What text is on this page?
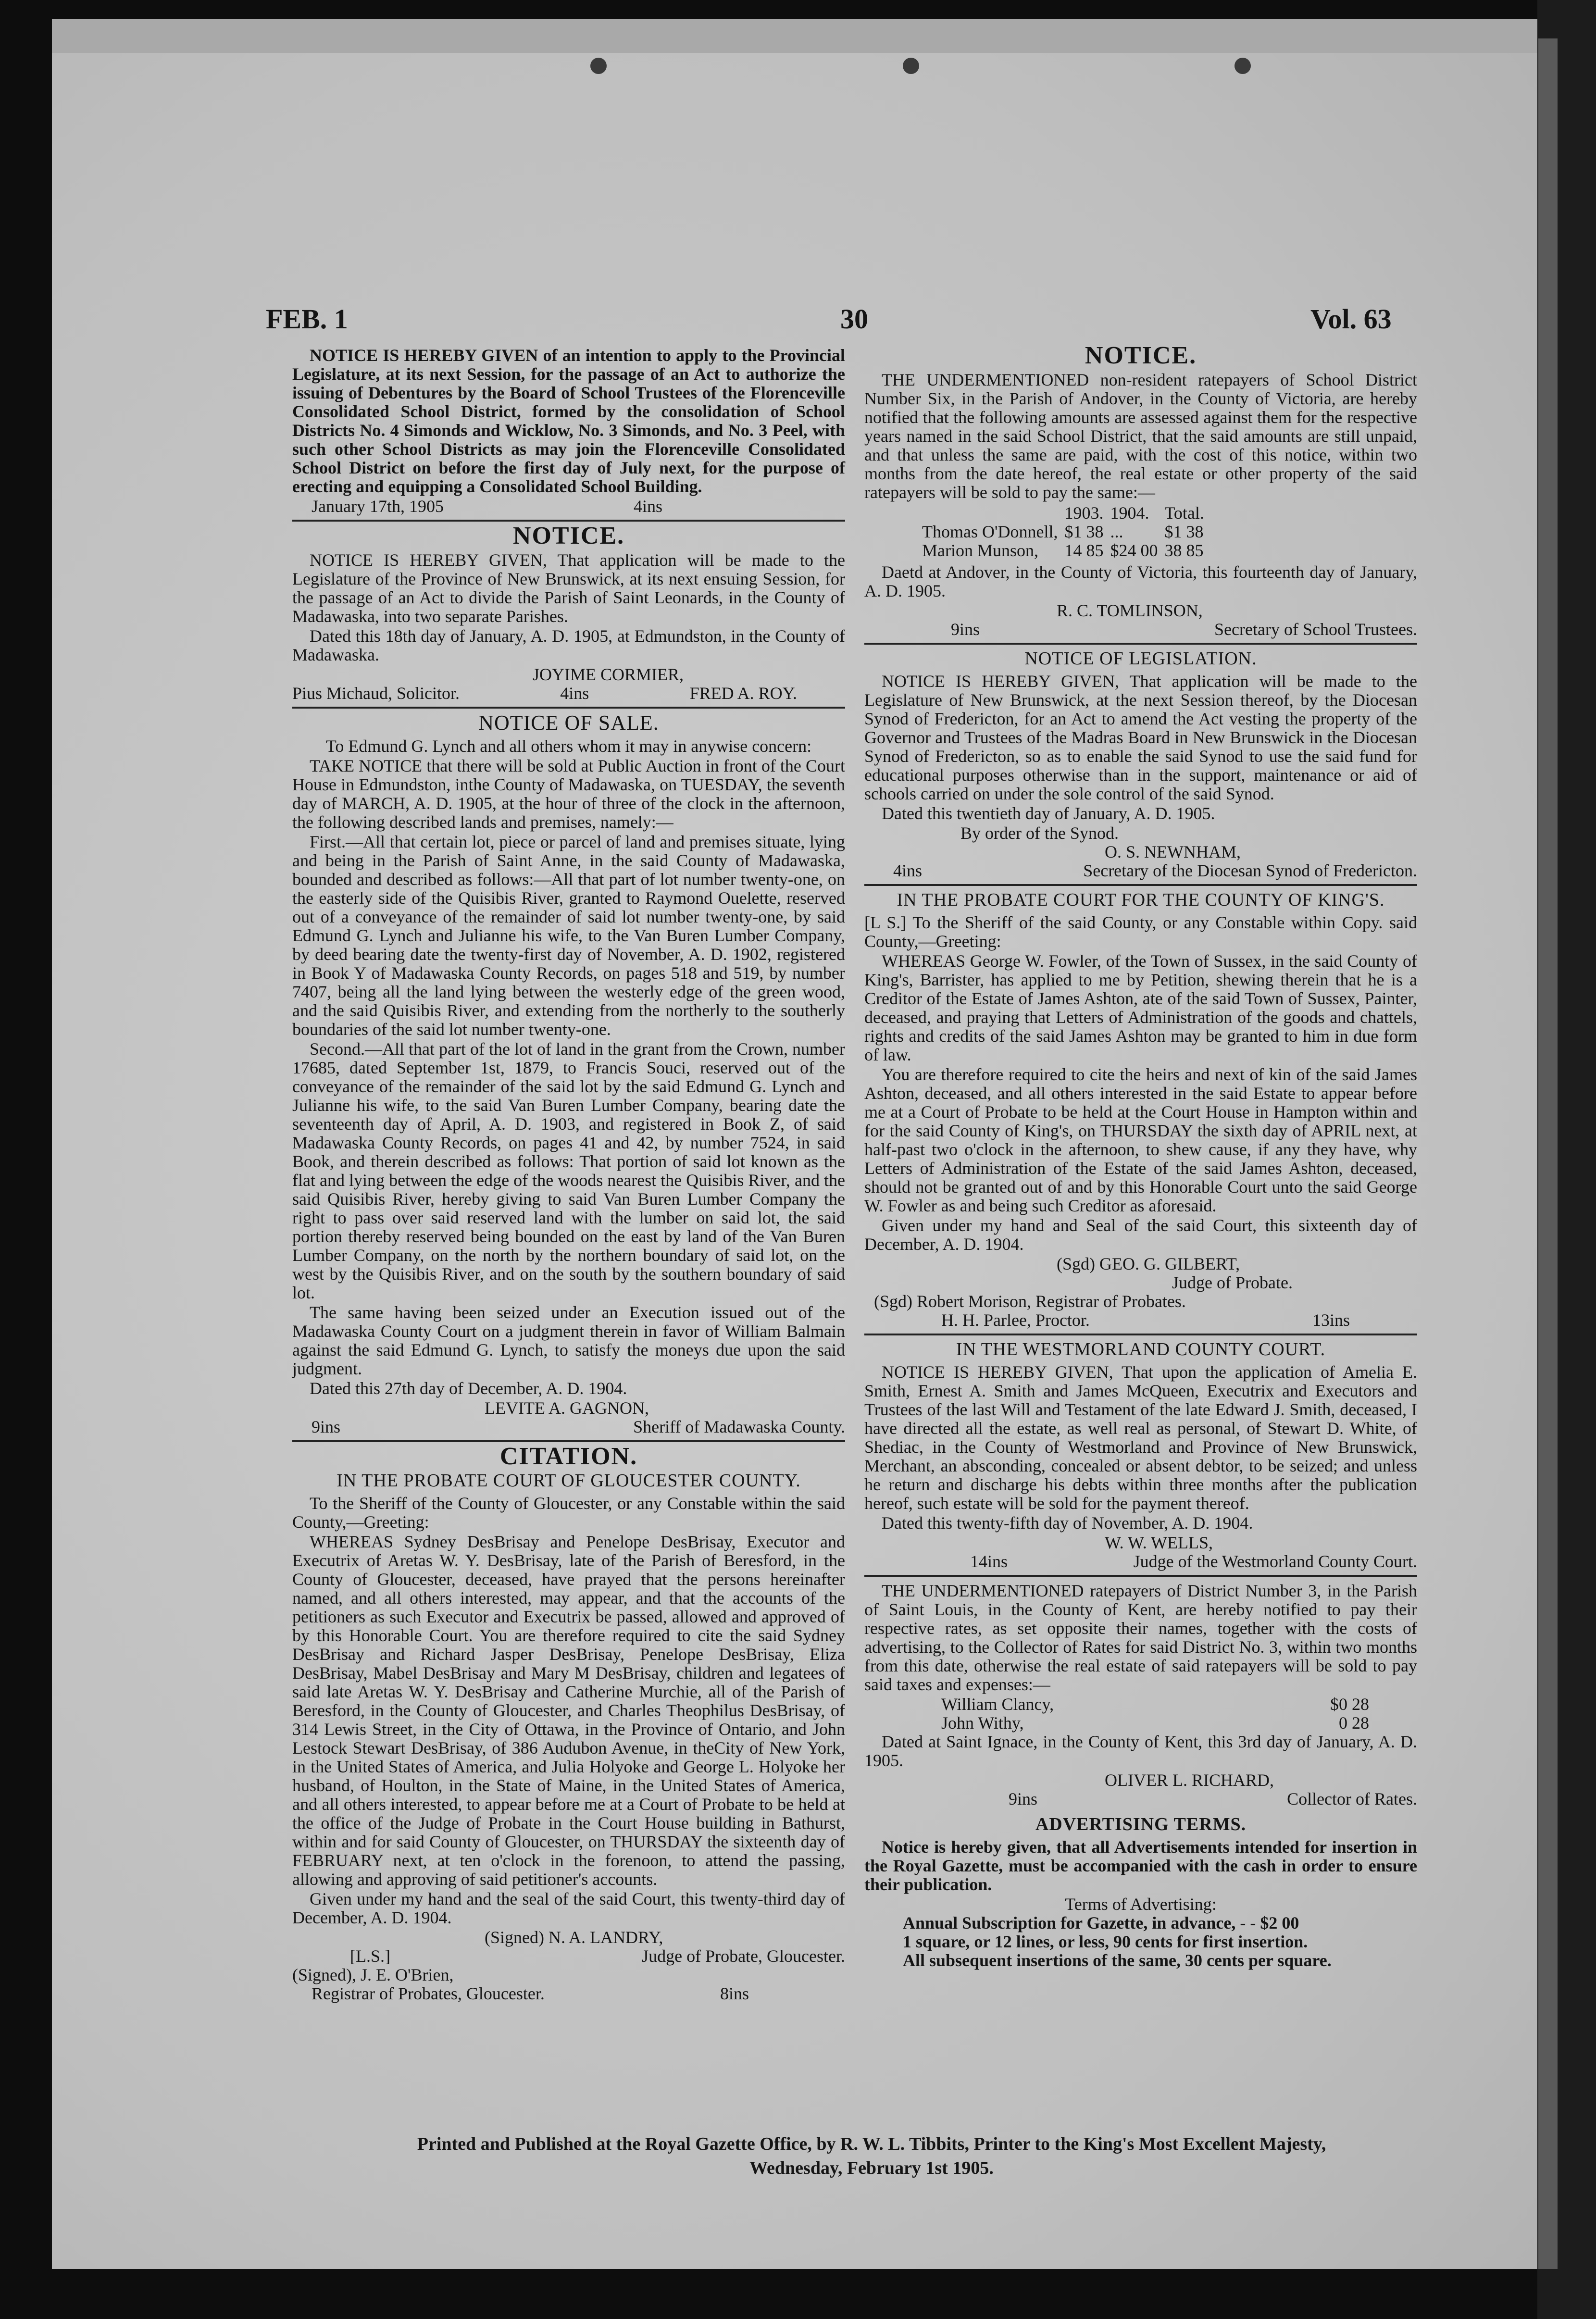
FEB. 1	30	Vol. 63

NOTICE IS HEREBY GIVEN of an intention to apply to the Provincial Legislature, at its next Session, for the passage of an Act to authorize the issuing of Debentures by the Board of School Trustees of the Florenceville Consolidated School District, formed by the consolidation of School Districts No. 4 Simonds and Wicklow, No. 3 Simonds, and No. 3 Peel, with such other School Districts as may join the Florenceville Consolidated School District on before the first day of July next, for the purpose of erecting and equipping a Consolidated School Building.

January 17th, 1905	4ins
NOTICE.

NOTICE IS HEREBY GIVEN, That application will be made to the Legislature of the Province of New Brunswick, at its next ensuing Session, for the passage of an Act to divide the Parish of Saint Leonards, in the County of Madawaska, into two separate Parishes.

Dated this 18th day of January, A. D. 1905, at Edmundston, in the County of Madawaska.

JOYIME CORMIER,
Pius Michaud, Solicitor.	4ins	FRED A. ROY.
NOTICE OF SALE.

To Edmund G. Lynch and all others whom it may in anywise concern:

TAKE NOTICE that there will be sold at Public Auction in front of the Court House in Edmundston, inthe County of Madawaska, on TUESDAY, the seventh day of MARCH, A. D. 1905, at the hour of three of the clock in the afternoon, the following described lands and premises, namely:—

First.—All that certain lot, piece or parcel of land and premises situate, lying and being in the Parish of Saint Anne, in the said County of Madawaska, bounded and described as follows:—All that part of lot number twenty-one, on the easterly side of the Quisibis River, granted to Raymond Ouelette, reserved out of a conveyance of the remainder of said lot number twenty-one, by said Edmund G. Lynch and Julianne his wife, to the Van Buren Lumber Company, by deed bearing date the twenty-first day of November, A. D. 1902, registered in Book Y of Madawaska County Records, on pages 518 and 519, by number 7407, being all the land lying between the westerly edge of the green wood, and the said Quisibis River, and extending from the northerly to the southerly boundaries of the said lot number twenty-one.

Second.—All that part of the lot of land in the grant from the Crown, number 17685, dated September 1st, 1879, to Francis Souci, reserved out of the conveyance of the remainder of the said lot by the said Edmund G. Lynch and Julianne his wife, to the said Van Buren Lumber Company, bearing date the seventeenth day of April, A. D. 1903, and registered in Book Z, of said Madawaska County Records, on pages 41 and 42, by number 7524, in said Book, and therein described as follows: That portion of said lot known as the flat and lying between the edge of the woods nearest the Quisibis River, and the said Quisibis River, hereby giving to said Van Buren Lumber Company the right to pass over said reserved land with the lumber on said lot, the said portion thereby reserved being bounded on the east by land of the Van Buren Lumber Company, on the north by the northern boundary of said lot, on the west by the Quisibis River, and on the south by the southern boundary of said lot.

The same having been seized under an Execution issued out of the Madawaska County Court on a judgment therein in favor of William Balmain against the said Edmund G. Lynch, to satisfy the moneys due upon the said judgment.

Dated this 27th day of December, A. D. 1904.

LEVITE A. GAGNON,
9ins	Sheriff of Madawaska County.
CITATION.
IN THE PROBATE COURT OF GLOUCESTER COUNTY.

To the Sheriff of the County of Gloucester, or any Constable within the said County,—Greeting:

WHEREAS Sydney DesBrisay and Penelope DesBrisay, Executor and Executrix of Aretas W. Y. DesBrisay, late of the Parish of Beresford, in the County of Gloucester, deceased, have prayed that the persons hereinafter named, and all others interested, may appear, and that the accounts of the petitioners as such Executor and Executrix be passed, allowed and approved of by this Honorable Court. You are therefore required to cite the said Sydney DesBrisay and Richard Jasper DesBrisay, Penelope DesBrisay, Eliza DesBrisay, Mabel DesBrisay and Mary M DesBrisay, children and legatees of said late Aretas W. Y. DesBrisay and Catherine Murchie, all of the Parish of Beresford, in the County of Gloucester, and Charles Theophilus DesBrisay, of 314 Lewis Street, in the City of Ottawa, in the Province of Ontario, and John Lestock Stewart DesBrisay, of 386 Audubon Avenue, in theCity of New York, in the United States of America, and Julia Holyoke and George L. Holyoke her husband, of Houlton, in the State of Maine, in the United States of America, and all others interested, to appear before me at a Court of Probate to be held at the office of the Judge of Probate in the Court House building in Bathurst, within and for said County of Gloucester, on THURSDAY the sixteenth day of FEBRUARY next, at ten o'clock in the forenoon, to attend the passing, allowing and approving of said petitioner's accounts.

Given under my hand and the seal of the said Court, this twenty-third day of December, A. D. 1904.

(Signed) N. A. LANDRY,
[L.S.]	Judge of Probate, Gloucester.
(Signed), J. E. O'Brien,
Registrar of Probates, Gloucester.	8ins
NOTICE.

THE UNDERMENTIONED non-resident ratepayers of School District Number Six, in the Parish of Andover, in the County of Victoria, are hereby notified that the following amounts are assessed against them for the respective years named in the said School District, that the said amounts are still unpaid, and that unless the same are paid, with the cost of this notice, within two months from the date hereof, the real estate or other property of the said ratepayers will be sold to pay the same:—

	1903.	1904.	Total.
Thomas O'Donnell,	$1 38	...	$1 38
Marion Munson,	14 85	$24 00	38 85

Daetd at Andover, in the County of Victoria, this fourteenth day of January, A. D. 1905.

R. C. TOMLINSON,
9ins	Secretary of School Trustees.
NOTICE OF LEGISLATION.

NOTICE IS HEREBY GIVEN, That application will be made to the Legislature of New Brunswick, at the next Session thereof, by the Diocesan Synod of Fredericton, for an Act to amend the Act vesting the property of the Governor and Trustees of the Madras Board in New Brunswick in the Diocesan Synod of Fredericton, so as to enable the said Synod to use the said fund for educational purposes otherwise than in the support, maintenance or aid of schools carried on under the sole control of the said Synod.

Dated this twentieth day of January, A. D. 1905.

By order of the Synod.
O. S. NEWNHAM,
4ins	Secretary of the Diocesan Synod of Fredericton.
IN THE PROBATE COURT FOR THE COUNTY OF KING'S.

[L S.] To the Sheriff of the said County, or any Constable within Copy. said County,—Greeting:

WHEREAS George W. Fowler, of the Town of Sussex, in the said County of King's, Barrister, has applied to me by Petition, shewing therein that he is a Creditor of the Estate of James Ashton, ate of the said Town of Sussex, Painter, deceased, and praying that Letters of Administration of the goods and chattels, rights and credits of the said James Ashton may be granted to him in due form of law.

You are therefore required to cite the heirs and next of kin of the said James Ashton, deceased, and all others interested in the said Estate to appear before me at a Court of Probate to be held at the Court House in Hampton within and for the said County of King's, on THURSDAY the sixth day of APRIL next, at half-past two o'clock in the afternoon, to shew cause, if any they have, why Letters of Administration of the Estate of the said James Ashton, deceased, should not be granted out of and by this Honorable Court unto the said George W. Fowler as and being such Creditor as aforesaid.

Given under my hand and Seal of the said Court, this sixteenth day of December, A. D. 1904.

(Sgd) GEO. G. GILBERT,
Judge of Probate.
(Sgd) Robert Morison, Registrar of Probates.
H. H. Parlee, Proctor.	13ins
IN THE WESTMORLAND COUNTY COURT.

NOTICE IS HEREBY GIVEN, That upon the application of Amelia E. Smith, Ernest A. Smith and James McQueen, Executrix and Executors and Trustees of the last Will and Testament of the late Edward J. Smith, deceased, I have directed all the estate, as well real as personal, of Stewart D. White, of Shediac, in the County of Westmorland and Province of New Brunswick, Merchant, an absconding, concealed or absent debtor, to be seized; and unless he return and discharge his debts within three months after the publication hereof, such estate will be sold for the payment thereof.

Dated this twenty-fifth day of November, A. D. 1904.

W. W. WELLS,
14ins	Judge of the Westmorland County Court.

THE UNDERMENTIONED ratepayers of District Number 3, in the Parish of Saint Louis, in the County of Kent, are hereby notified to pay their respective rates, as set opposite their names, together with the costs of advertising, to the Collector of Rates for said District No. 3, within two months from this date, otherwise the real estate of said ratepayers will be sold to pay said taxes and expenses:—

William Clancy,	$0 28
John Withy,	0 28

Dated at Saint Ignace, in the County of Kent, this 3rd day of January, A. D. 1905.

OLIVER L. RICHARD,
9ins	Collector of Rates.
ADVERTISING TERMS.

Notice is hereby given, that all Advertisements intended for insertion in the Royal Gazette, must be accompanied with the cash in order to ensure their publication.

Terms of Advertising:
Annual Subscription for Gazette, in advance, - - $2 00
1 square, or 12 lines, or less, 90 cents for first insertion.
All subsequent insertions of the same, 30 cents per square.
Printed and Published at the Royal Gazette Office, by R. W. L. Tibbits, Printer to the King's Most Excellent Majesty,
Wednesday, February 1st 1905.
